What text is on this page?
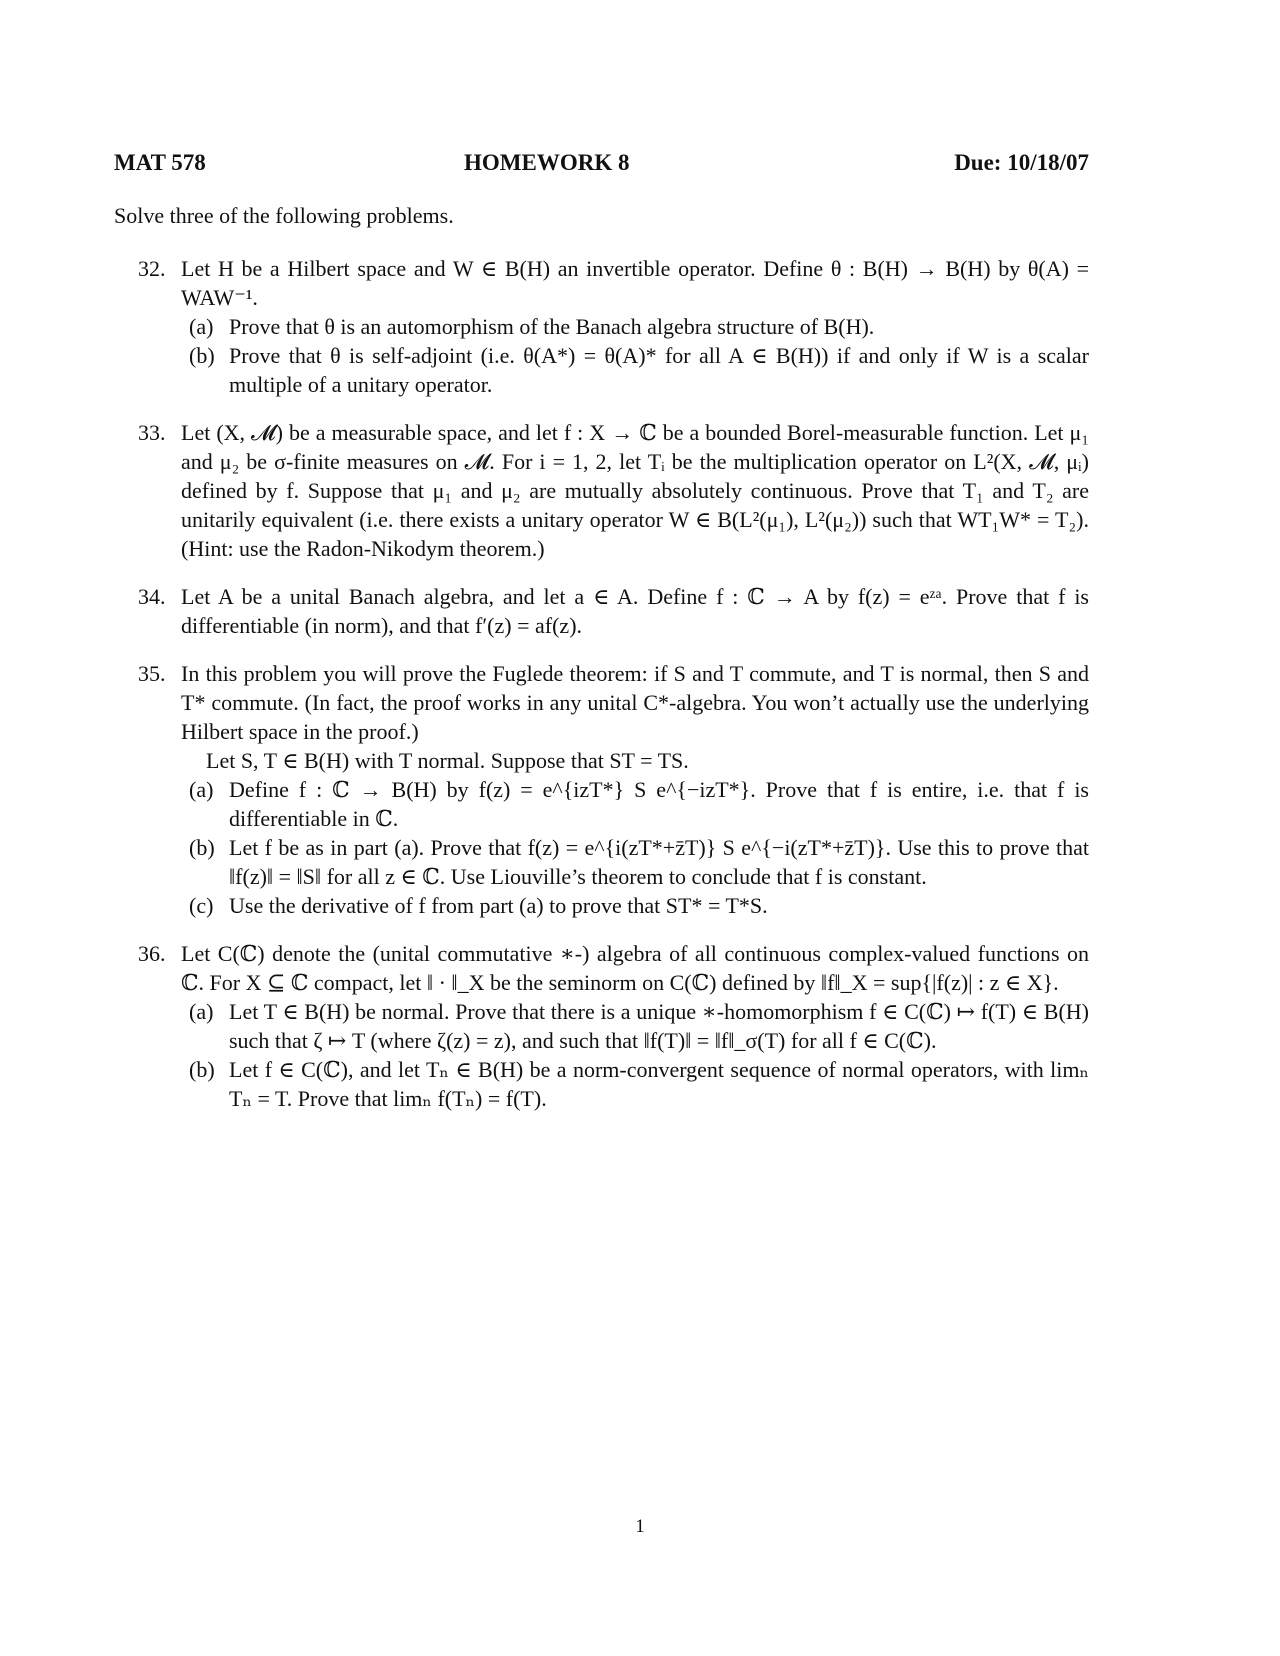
MAT 578	HOMEWORK 8	Due: 10/18/07
Solve three of the following problems.
32. Let H be a Hilbert space and W ∈ B(H) an invertible operator. Define θ : B(H) → B(H) by θ(A) = WAW⁻¹.
(a) Prove that θ is an automorphism of the Banach algebra structure of B(H).
(b) Prove that θ is self-adjoint (i.e. θ(A*) = θ(A)* for all A ∈ B(H)) if and only if W is a scalar multiple of a unitary operator.
33. Let (X, 𝓜) be a measurable space, and let f : X → ℂ be a bounded Borel-measurable function. Let μ₁ and μ₂ be σ-finite measures on 𝓜. For i = 1, 2, let Tᵢ be the multiplication operator on L²(X, 𝓜, μᵢ) defined by f. Suppose that μ₁ and μ₂ are mutually absolutely continuous. Prove that T₁ and T₂ are unitarily equivalent (i.e. there exists a unitary operator W ∈ B(L²(μ₁), L²(μ₂)) such that WT₁W* = T₂). (Hint: use the Radon-Nikodym theorem.)
34. Let A be a unital Banach algebra, and let a ∈ A. Define f : ℂ → A by f(z) = eᶻᵃ. Prove that f is differentiable (in norm), and that f′(z) = af(z).
35. In this problem you will prove the Fuglede theorem: if S and T commute, and T is normal, then S and T* commute. (In fact, the proof works in any unital C*-algebra. You won’t actually use the underlying Hilbert space in the proof.)
Let S, T ∈ B(H) with T normal. Suppose that ST = TS.
(a) Define f : ℂ → B(H) by f(z) = e^{izT*} S e^{−izT*}. Prove that f is entire, i.e. that f is differentiable in ℂ.
(b) Let f be as in part (a). Prove that f(z) = e^{i(zT*+z̄T)} S e^{−i(zT*+z̄T)}. Use this to prove that ‖f(z)‖ = ‖S‖ for all z ∈ ℂ. Use Liouville’s theorem to conclude that f is constant.
(c) Use the derivative of f from part (a) to prove that ST* = T*S.
36. Let C(ℂ) denote the (unital commutative ∗-) algebra of all continuous complex-valued functions on ℂ. For X ⊆ ℂ compact, let ‖ · ‖_X be the seminorm on C(ℂ) defined by ‖f‖_X = sup{|f(z)| : z ∈ X}.
(a) Let T ∈ B(H) be normal. Prove that there is a unique ∗-homomorphism f ∈ C(ℂ) ↦ f(T) ∈ B(H) such that ζ ↦ T (where ζ(z) = z), and such that ‖f(T)‖ = ‖f‖_σ(T) for all f ∈ C(ℂ).
(b) Let f ∈ C(ℂ), and let Tₙ ∈ B(H) be a norm-convergent sequence of normal operators, with limₙ Tₙ = T. Prove that limₙ f(Tₙ) = f(T).
1
